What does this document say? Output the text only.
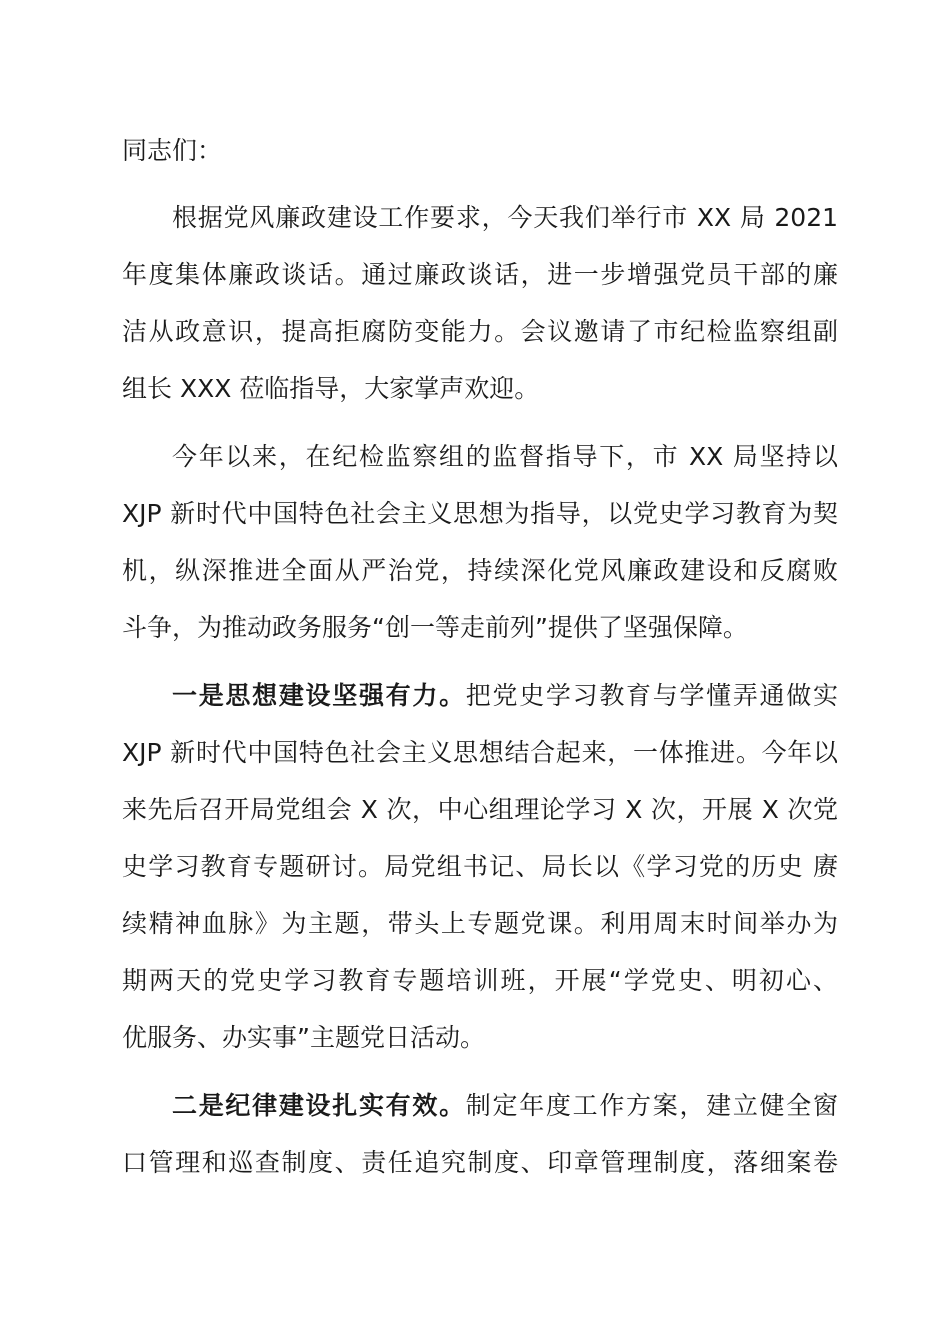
同志们：
根据党风廉政建设工作要求，今天我们举行市 XX 局 2021
年度集体廉政谈话。通过廉政谈话，进一步增强党员干部的廉
洁从政意识，提高拒腐防变能力。会议邀请了市纪检监察组副
组长 XXX 莅临指导，大家掌声欢迎。
今年以来，在纪检监察组的监督指导下，市 XX 局坚持以
XJP 新时代中国特色社会主义思想为指导，以党史学习教育为契
机，纵深推进全面从严治党，持续深化党风廉政建设和反腐败
斗争，为推动政务服务“创一等走前列”提供了坚强保障。
一是思想建设坚强有力。把党史学习教育与学懂弄通做实
XJP 新时代中国特色社会主义思想结合起来，一体推进。今年以
来先后召开局党组会 X 次，中心组理论学习 X 次，开展 X 次党
史学习教育专题研讨。局党组书记、局长以《学习党的历史 赓
续精神血脉》为主题，带头上专题党课。利用周末时间举办为
期两天的党史学习教育专题培训班，开展“学党史、明初心、
优服务、办实事”主题党日活动。
二是纪律建设扎实有效。制定年度工作方案，建立健全窗
口管理和巡查制度、责任追究制度、印章管理制度，落细案卷
